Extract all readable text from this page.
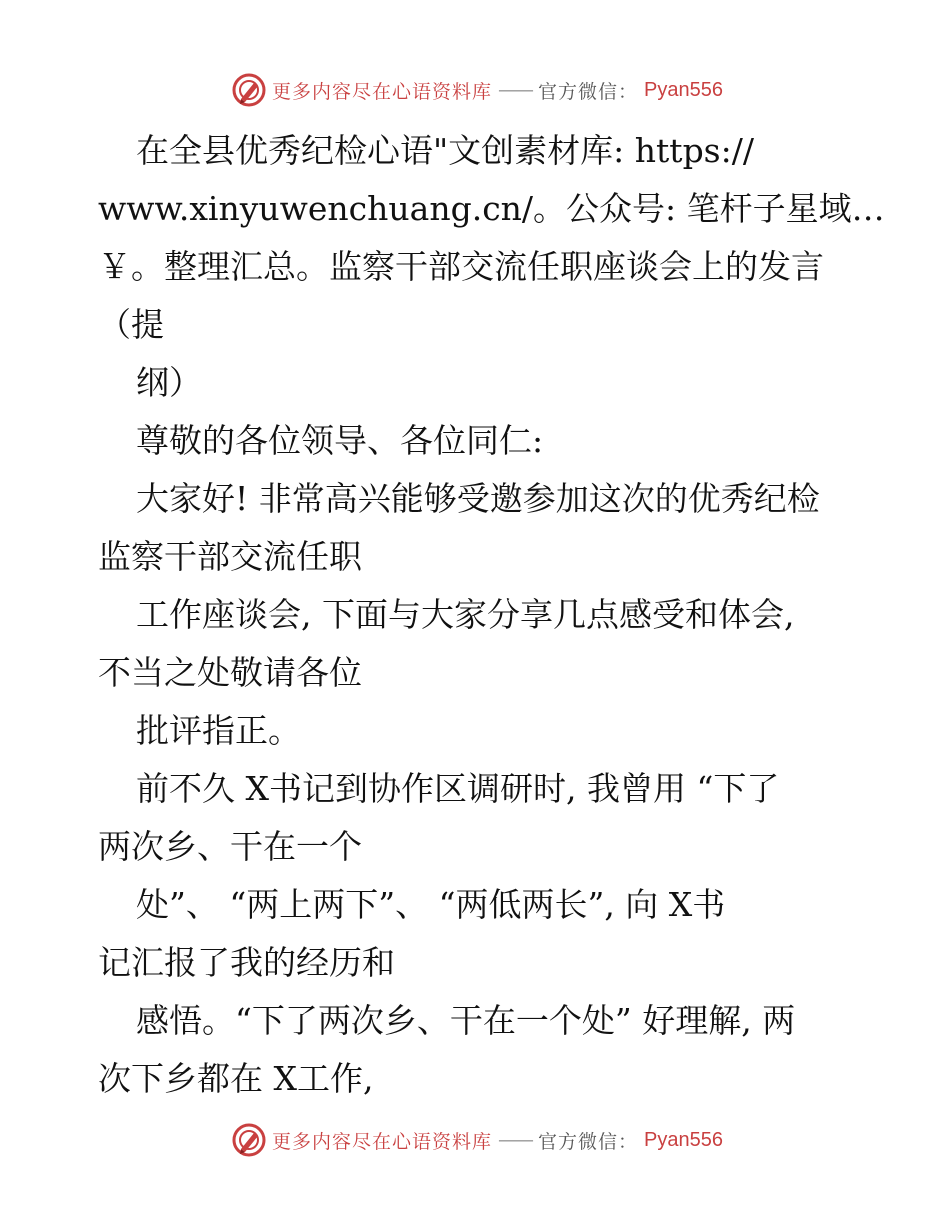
更多内容尽在心语资料库 —— 官方微信： Pyan556
在全县优秀纪检心语"文创素材库: https://
www.xinyuwenchuang.cn/。公众号: 笔杆子星域…
￥。整理汇总。监察干部交流任职座谈会上的发言
（提
纲）
尊敬的各位领导、各位同仁:
大家好! 非常高兴能够受邀参加这次的优秀纪检
监察干部交流任职
工作座谈会, 下面与大家分享几点感受和体会,
不当之处敬请各位
批评指正。
前不久 X书记到协作区调研时, 我曾用 “下了
两次乡、干在一个
处”、 “两上两下”、 “两低两长”, 向 X书
记汇报了我的经历和
感悟。“下了两次乡、干在一个处” 好理解, 两
次下乡都在 X工作,
更多内容尽在心语资料库 —— 官方微信： Pyan556
